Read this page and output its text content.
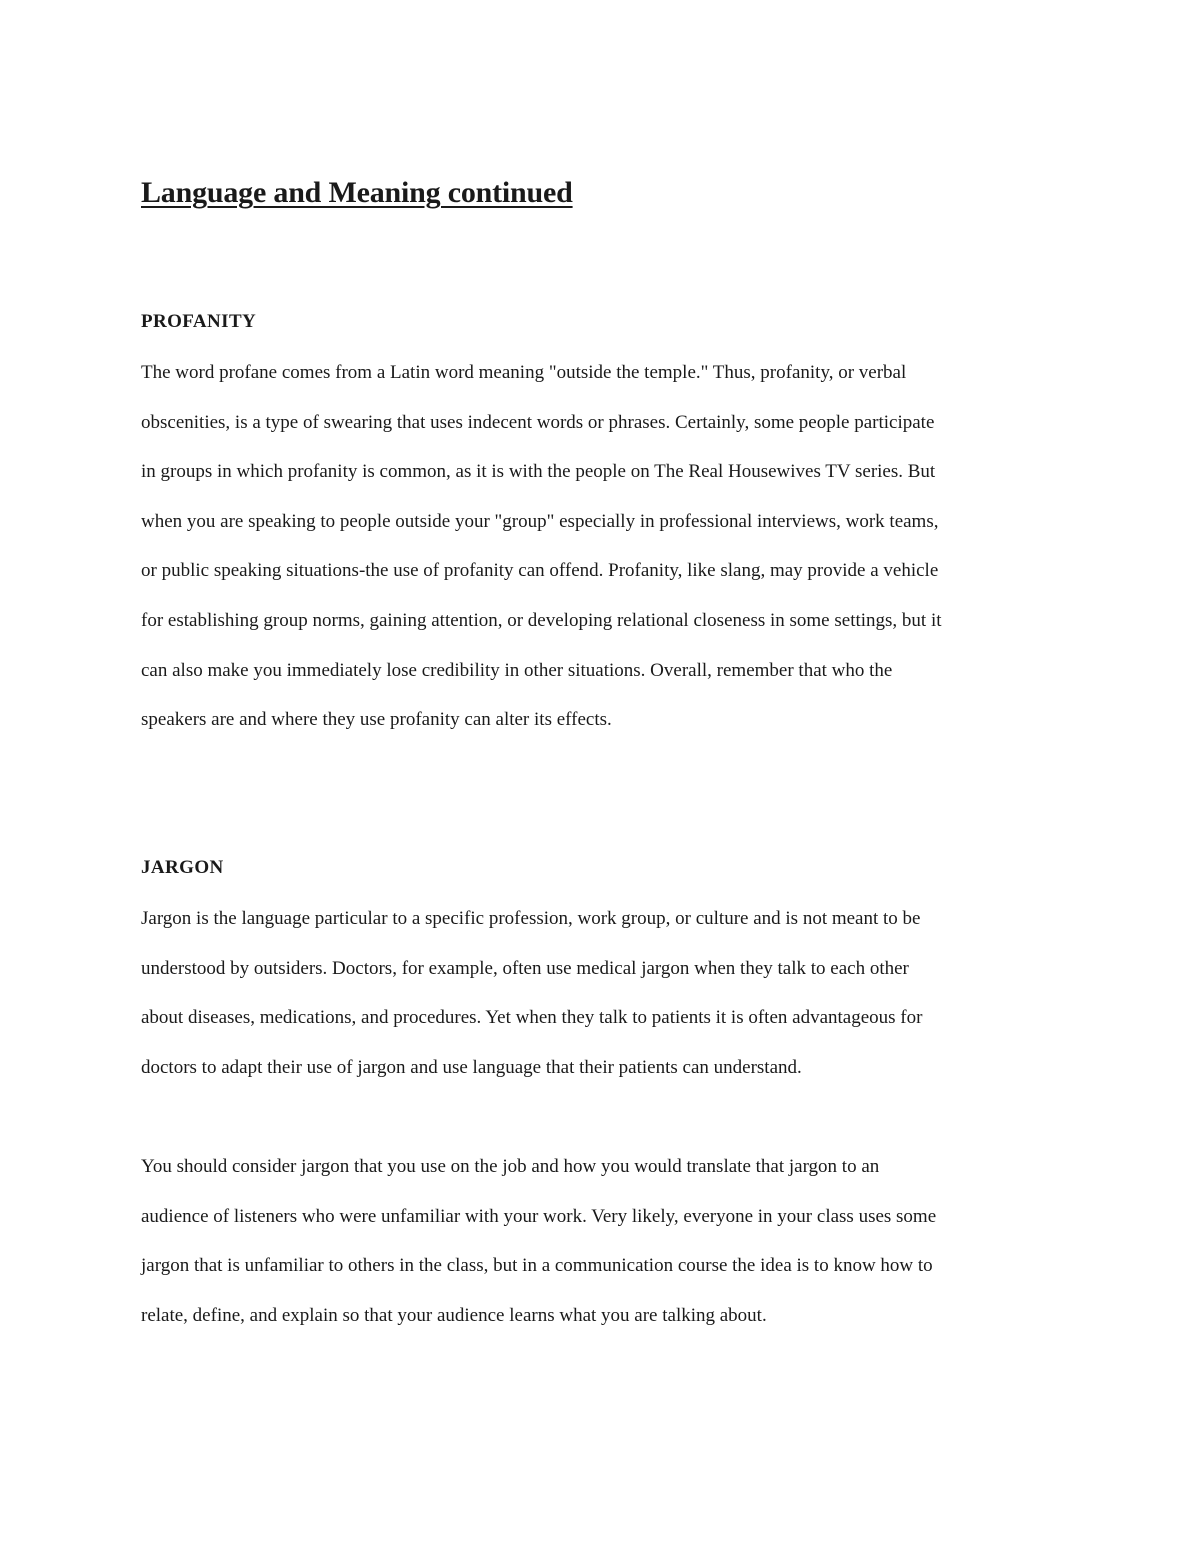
Language and Meaning continued
PROFANITY
The word profane comes from a Latin word meaning "outside the temple." Thus, profanity, or verbal
obscenities, is a type of swearing that uses indecent words or phrases. Certainly, some people participate
in groups in which profanity is common, as it is with the people on The Real Housewives TV series. But
when you are speaking to people outside your "group" especially in professional interviews, work teams,
or public speaking situations-the use of profanity can offend. Profanity, like slang, may provide a vehicle
for establishing group norms, gaining attention, or developing relational closeness in some settings, but it
can also make you immediately lose credibility in other situations. Overall, remember that who the
speakers are and where they use profanity can alter its effects.
JARGON
Jargon is the language particular to a specific profession, work group, or culture and is not meant to be
understood by outsiders. Doctors, for example, often use medical jargon when they talk to each other
about diseases, medications, and procedures. Yet when they talk to patients it is often advantageous for
doctors to adapt their use of jargon and use language that their patients can understand.
You should consider jargon that you use on the job and how you would translate that jargon to an
audience of listeners who were unfamiliar with your work. Very likely, everyone in your class uses some
jargon that is unfamiliar to others in the class, but in a communication course the idea is to know how to
relate, define, and explain so that your audience learns what you are talking about.
